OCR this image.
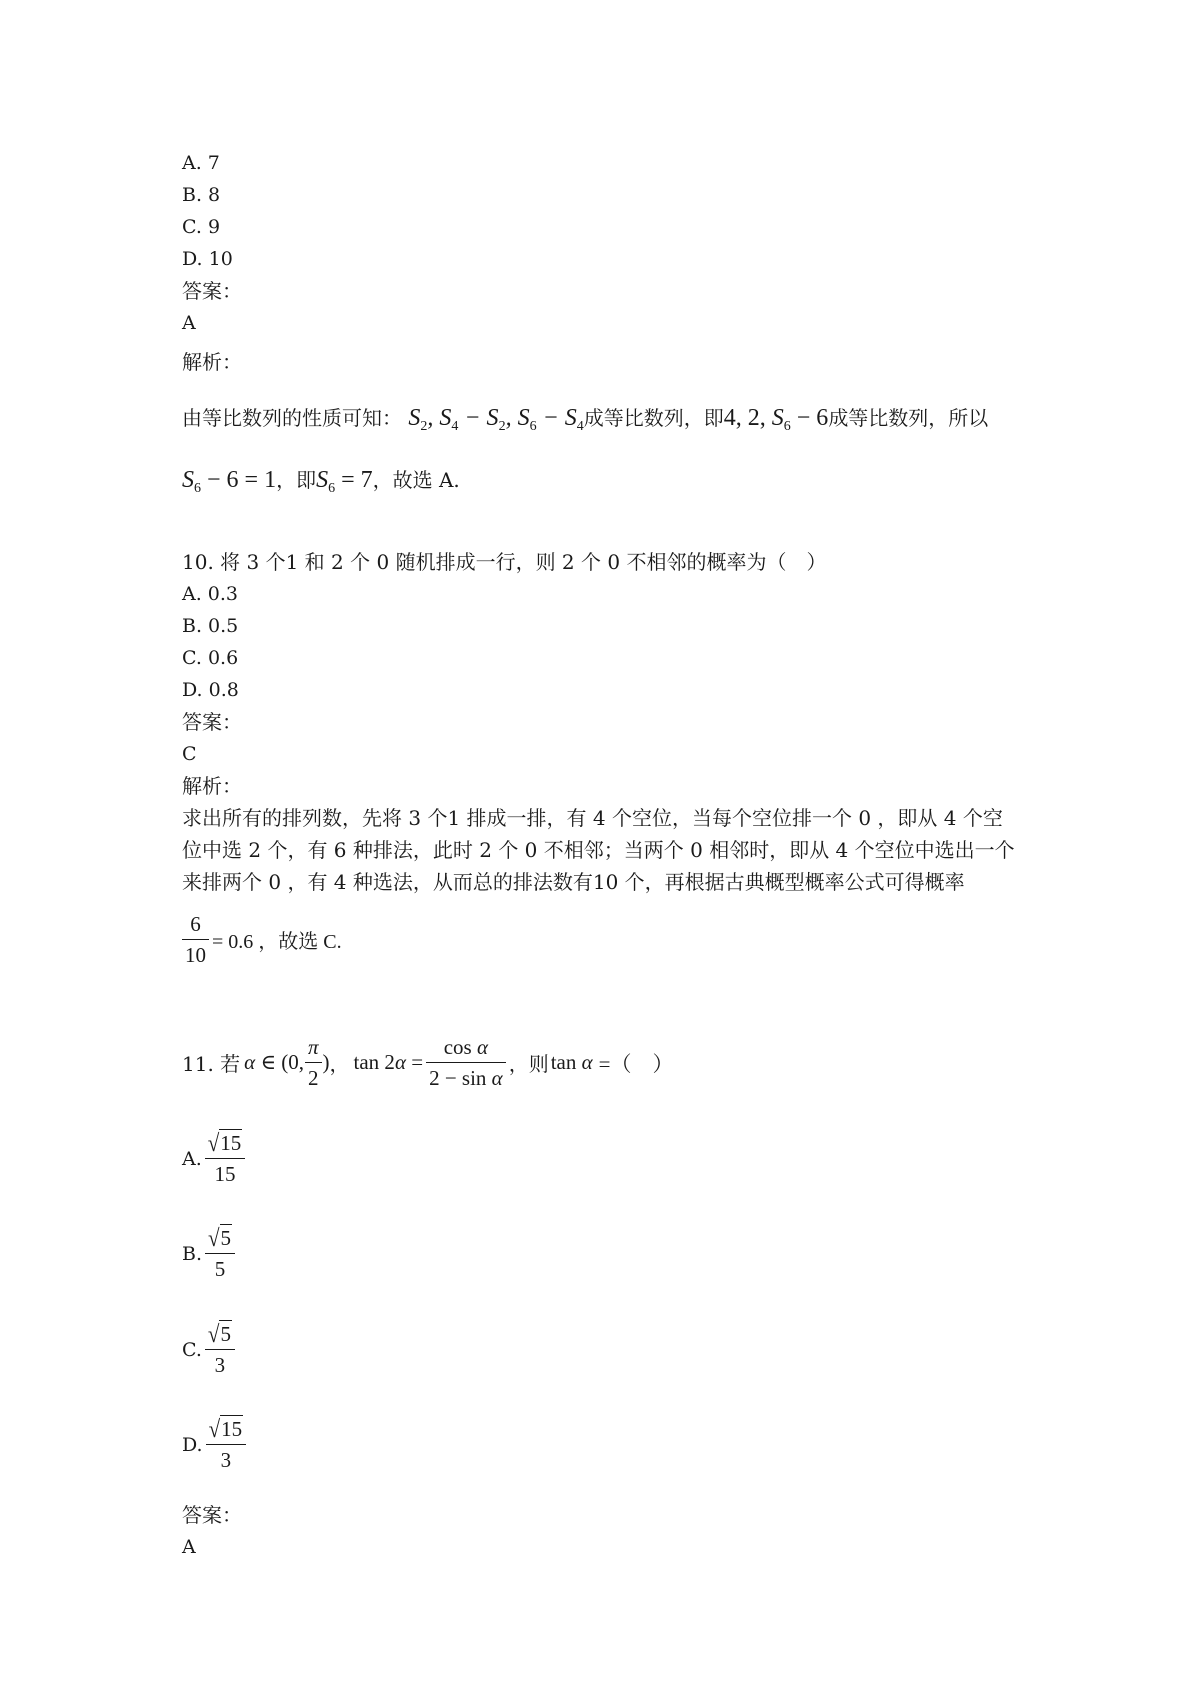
A. 7
B. 8
C. 9
D. 10
答案：
A
解析：
由等比数列的性质可知： $S_2$, $S_4 - S_2$, $S_6 - S_4$成等比数列，即4, 2, $S_6 - 6$成等比数列，所以
$S_6 - 6 = 1$，即$S_6 = 7$，故选 A.
10. 将 3 个1 和 2 个 0 随机排成一行，则 2 个 0 不相邻的概率为（　）
A. 0.3
B. 0.5
C. 0.6
D. 0.8
答案：
C
解析：
求出所有的排列数，先将 3 个1 排成一排，有 4 个空位，当每个空位排一个 0 ，即从 4 个空
位中选 2 个，有 6 种排法，此时 2 个 0 不相邻；当两个 0 相邻时，即从 4 个空位中选出一个
来排两个 0 ，有 4 种选法，从而总的排法数有10 个，再根据古典概型概率公式可得概率
$\frac{6}{10} = 0.6$ ，故选 C.
11. 若 α ∈ (0, $\frac{\pi}{2}$ ) ， $\tan 2\alpha = \frac{\text{cos α}}{\text{2 − sin α}}$ ，则 tan α =（　）
A. $\frac{√15}{15}$
B. $\frac{√5}{5}$
C. $\frac{√5}{3}$
D. $\frac{√15}{3}$
答案：
A
